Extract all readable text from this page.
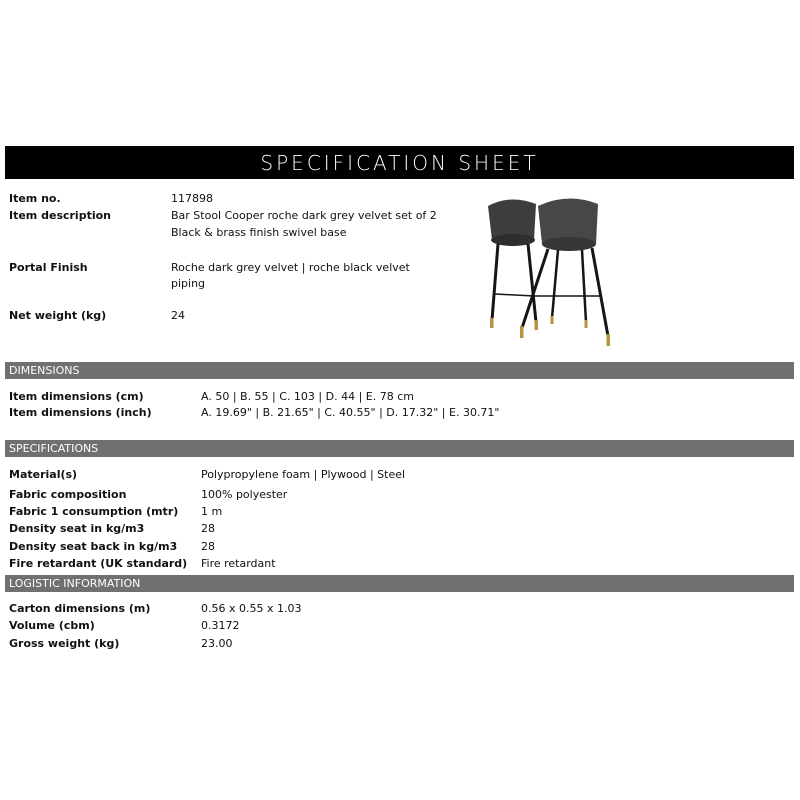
SPECIFICATION SHEET
Item no.	117898
Item description	Bar Stool Cooper roche dark grey velvet set of 2
Black & brass finish swivel base
Portal Finish	Roche dark grey velvet | roche black velvet
piping
Net weight (kg)	24
DIMENSIONS
Item dimensions (cm)	A. 50 | B. 55 | C. 103 | D. 44 | E. 78 cm
Item dimensions (inch)	A. 19.69" | B. 21.65" | C. 40.55" | D. 17.32" | E. 30.71"
SPECIFICATIONS
Material(s)	Polypropylene foam | Plywood | Steel
Fabric composition	100% polyester
Fabric 1 consumption (mtr) 1 m
Density seat in kg/m3	28
Density seat back in kg/m3 28
Fire retardant (UK standard) Fire retardant
LOGISTIC INFORMATION
Carton dimensions (m)	0.56 x 0.55 x 1.03
Volume (cbm)	0.3172
Gross weight (kg)	23.00
